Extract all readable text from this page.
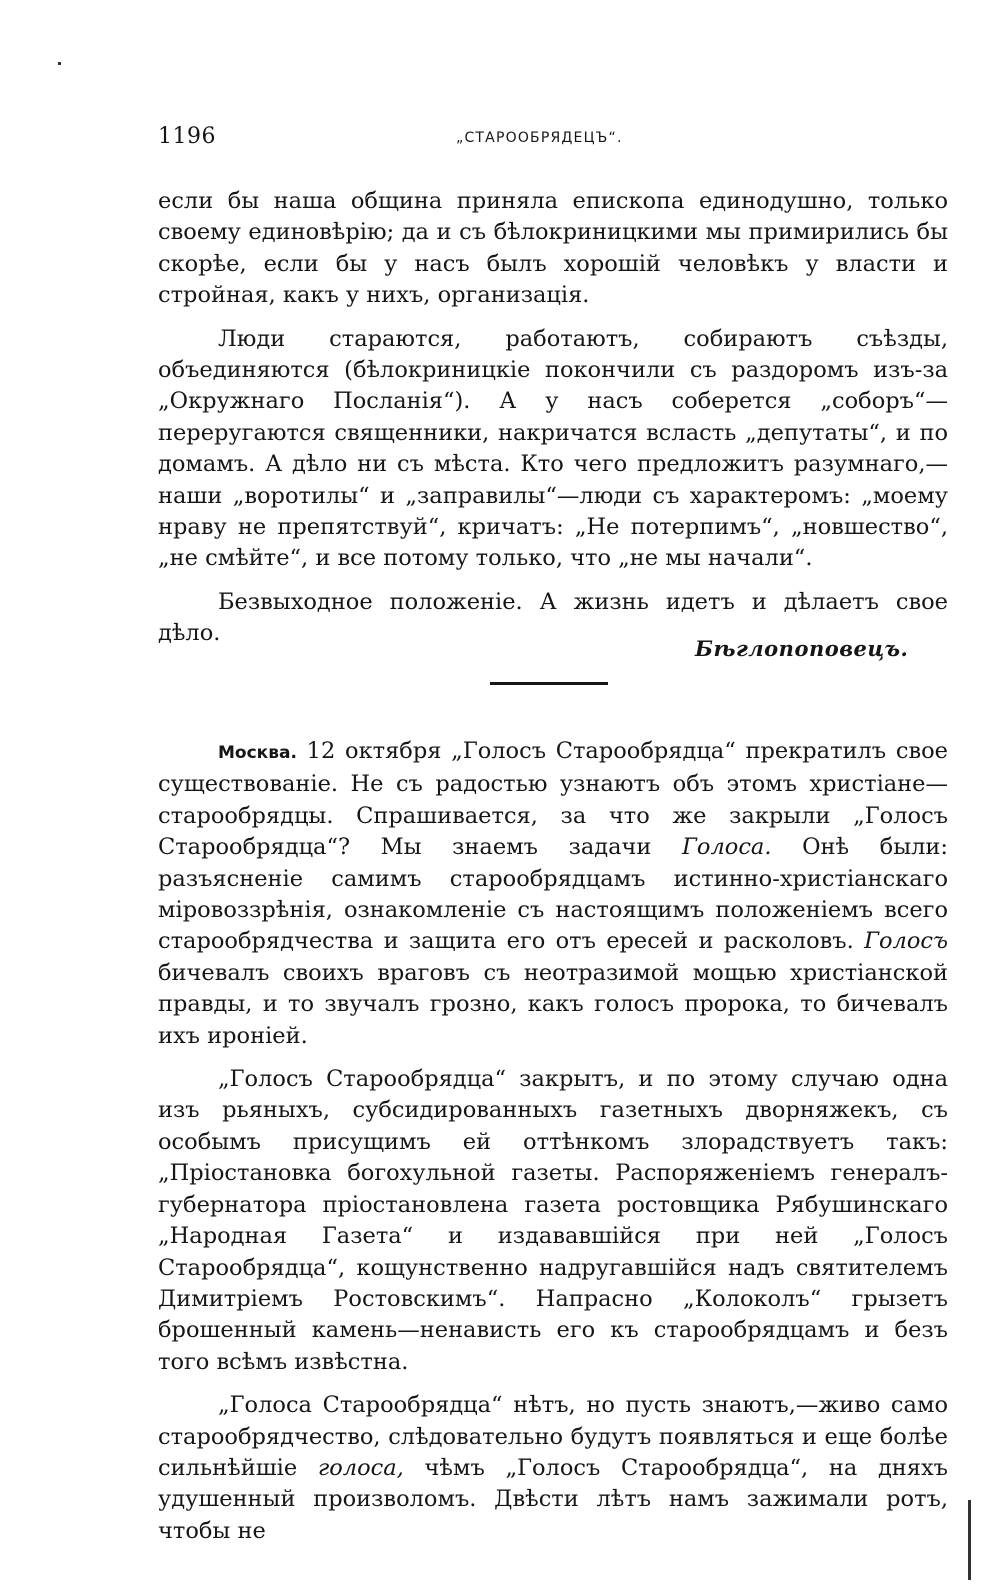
1196	„СТАРООБРЯДЕЦЪ“.

если бы наша община приняла епископа единодушно, только своему единовѣрію; да и съ бѣлокриницкими мы примирились бы скорѣе, если бы у насъ былъ хорошій человѣкъ у власти и стройная, какъ у нихъ, организація.

Люди стараются, работаютъ, собираютъ съѣзды, объединяются (бѣлокриницкіе покончили съ раздоромъ изъ-за „Окружнаго Посланія“). А у насъ соберется „соборъ“—переругаются священники, накричатся всласть „депутаты“, и по домамъ. А дѣло ни съ мѣста. Кто чего предложитъ разумнаго,—наши „воротилы“ и „заправилы“—люди съ характеромъ: „моему нраву не препятствуй“, кричатъ: „Не потерпимъ“, „новшество“, „не смѣйте“, и все потому только, что „не мы начали“.

Безвыходное положеніе. А жизнь идетъ и дѣлаетъ свое дѣло.

Бѣглопоповецъ.

Москва. 12 октября „Голосъ Старообрядца“ прекратилъ свое существованіе. Не съ радостью узнаютъ объ этомъ христіане—старообрядцы. Спрашивается, за что же закрыли „Голосъ Старообрядца“? Мы знаемъ задачи Голоса. Онѣ были: разъясненіе самимъ старообрядцамъ истинно-христіанскаго міровоззрѣнія, ознакомленіе съ настоящимъ положеніемъ всего старообрядчества и защита его отъ ересей и расколовъ. Голосъ бичевалъ своихъ враговъ съ неотразимой мощью христіанской правды, и то звучалъ грозно, какъ голосъ пророка, то бичевалъ ихъ ироніей.

„Голосъ Старообрядца“ закрытъ, и по этому случаю одна изъ рьяныхъ, субсидированныхъ газетныхъ дворняжекъ, съ особымъ присущимъ ей оттѣнкомъ злорадствуетъ такъ: „Пріостановка богохульной газеты. Распоряженіемъ генералъ-губернатора пріостановлена газета ростовщика Рябушинскаго „Народная Газета“ и издававшійся при ней „Голосъ Старообрядца“, кощунственно надругавшійся надъ святителемъ Димитріемъ Ростовскимъ“. Напрасно „Колоколъ“ грызетъ брошенный камень—ненависть его къ старообрядцамъ и безъ того всѣмъ извѣстна.

„Голоса Старообрядца“ нѣтъ, но пусть знаютъ,—живо само старообрядчество, слѣдовательно будутъ появляться и еще болѣе сильнѣйшіе голоса, чѣмъ „Голосъ Старообрядца“, на дняхъ удушенный произволомъ. Двѣсти лѣтъ намъ зажимали ротъ, чтобы не
